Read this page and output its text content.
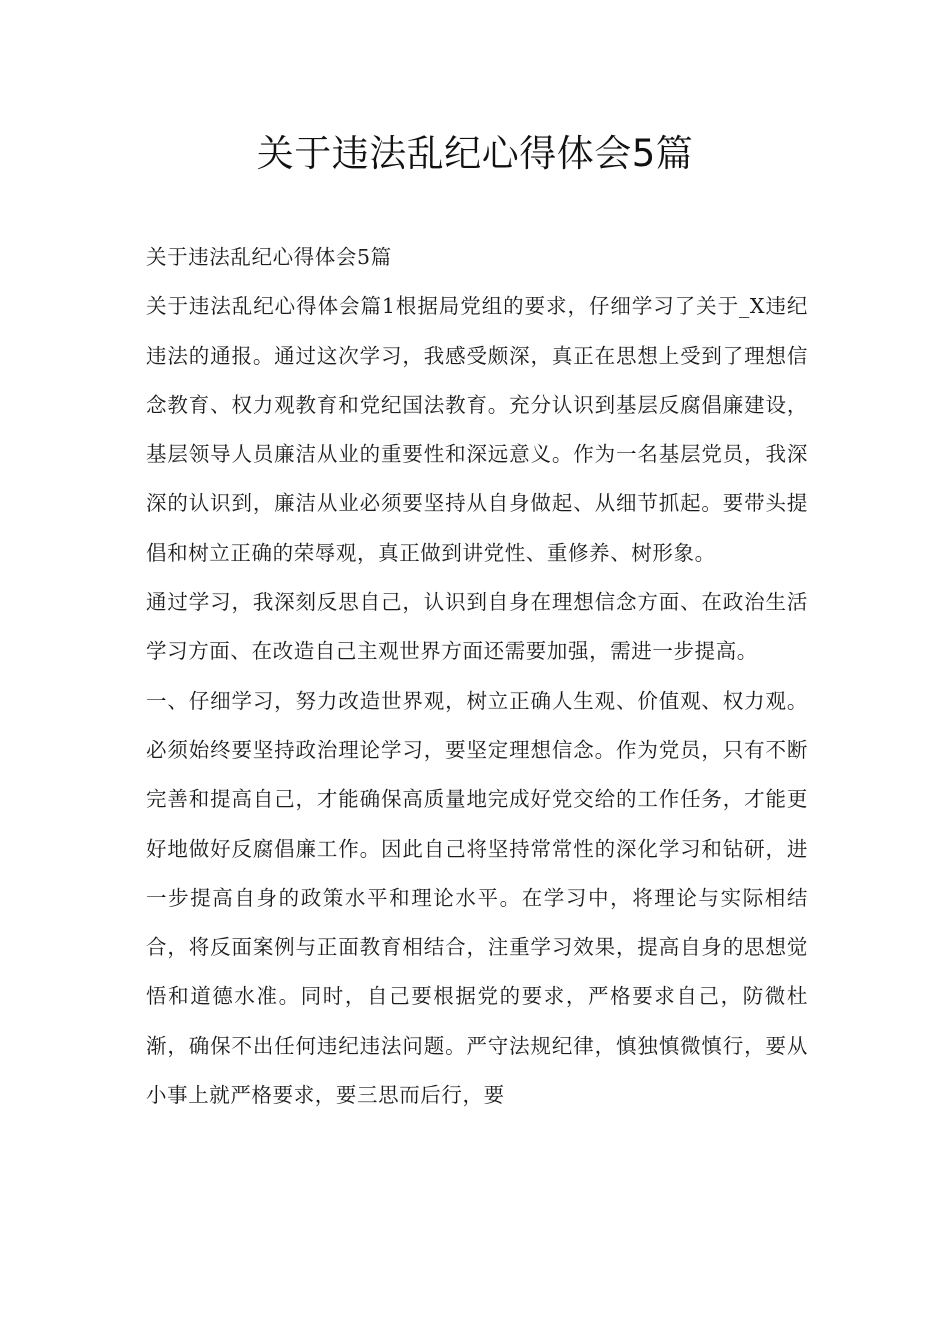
关于违法乱纪心得体会5篇

关于违法乱纪心得体会5篇

关于违法乱纪心得体会篇1根据局党组的要求，仔细学习了关于_X违纪违法的通报。通过这次学习，我感受颇深，真正在思想上受到了理想信念教育、权力观教育和党纪国法教育。充分认识到基层反腐倡廉建设，基层领导人员廉洁从业的重要性和深远意义。作为一名基层党员，我深深的认识到，廉洁从业必须要坚持从自身做起、从细节抓起。要带头提倡和树立正确的荣辱观，真正做到讲党性、重修养、树形象。

通过学习，我深刻反思自己，认识到自身在理想信念方面、在政治生活学习方面、在改造自己主观世界方面还需要加强，需进一步提高。

一、仔细学习，努力改造世界观，树立正确人生观、价值观、权力观。必须始终要坚持政治理论学习，要坚定理想信念。作为党员，只有不断完善和提高自己，才能确保高质量地完成好党交给的工作任务，才能更好地做好反腐倡廉工作。因此自己将坚持常常性的深化学习和钻研，进一步提高自身的政策水平和理论水平。在学习中，将理论与实际相结合，将反面案例与正面教育相结合，注重学习效果，提高自身的思想觉悟和道德水准。同时，自己要根据党的要求，严格要求自己，防微杜渐，确保不出任何违纪违法问题。严守法规纪律，慎独慎微慎行，要从小事上就严格要求，要三思而后行，要
